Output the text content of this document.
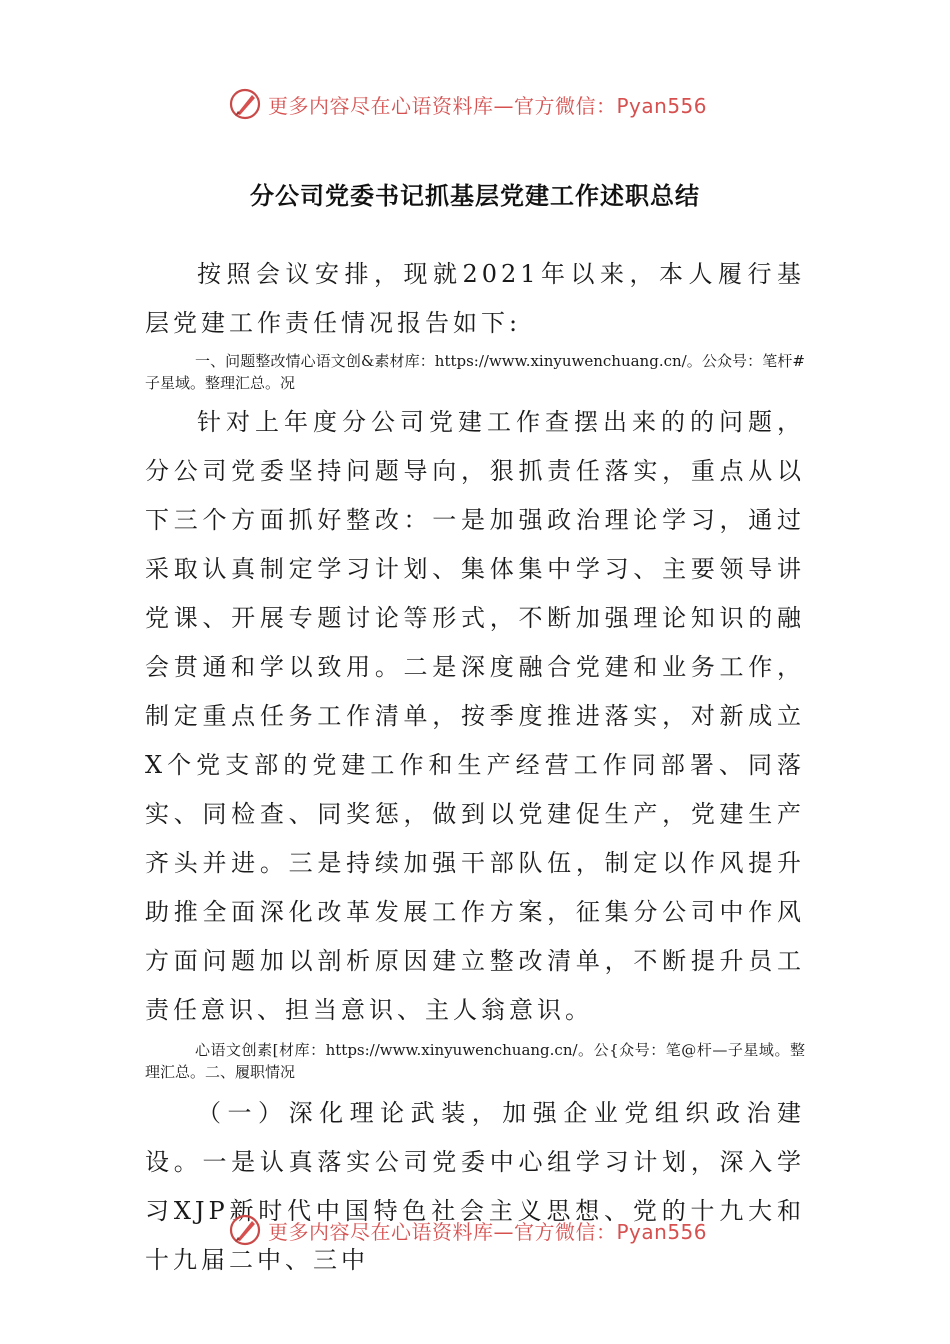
更多内容尽在心语资料库—官方微信：Pyan556
分公司党委书记抓基层党建工作述职总结

按照会议安排，现就2021年以来，本人履行基层党建工作责任情况报告如下:

一、问题整改情心语文创&素材库：https://www.xinyuwenchuang.cn/。公众号：笔杆#子星域。整理汇总。况

针对上年度分公司党建工作查摆出来的的问题，分公司党委坚持问题导向，狠抓责任落实，重点从以下三个方面抓好整改：一是加强政治理论学习，通过采取认真制定学习计划、集体集中学习、主要领导讲党课、开展专题讨论等形式，不断加强理论知识的融会贯通和学以致用。二是深度融合党建和业务工作，制定重点任务工作清单，按季度推进落实，对新成立X个党支部的党建工作和生产经营工作同部署、同落实、同检查、同奖惩，做到以党建促生产，党建生产齐头并进。三是持续加强干部队伍，制定以作风提升助推全面深化改革发展工作方案，征集分公司中作风方面问题加以剖析原因建立整改清单，不断提升员工责任意识、担当意识、主人翁意识。

心语文创素[材库：https://www.xinyuwenchuang.cn/。公{众号：笔@杆—子星域。整理汇总。二、履职情况

（一）深化理论武装，加强企业党组织政治建设。一是认真落实公司党委中心组学习计划，深入学习XJP新时代中国特色社会主义思想、党的十九大和十九届二中、三中

更多内容尽在心语资料库—官方微信：Pyan556
